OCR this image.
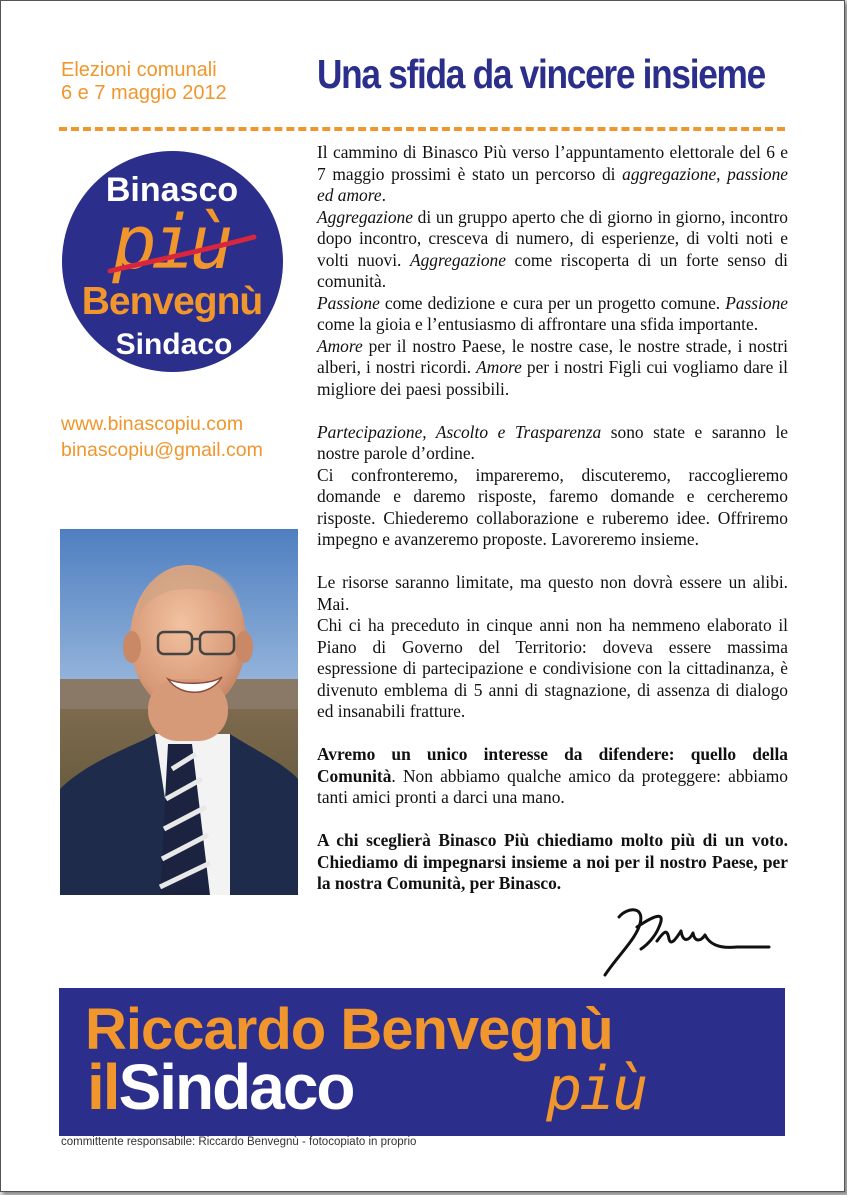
Elezioni comunali
6 e 7 maggio 2012 Una sfida da vincere insieme
Binasco
più
Benvegnù
Sindaco
www.binascopiu.com
binascopiu@gmail.com

Il cammino di Binasco Più verso l’appuntamento elettorale del 6 e 7 maggio prossimi è stato un percorso di aggregazione, passione ed amore.

Aggregazione di un gruppo aperto che di giorno in giorno, incontro dopo incontro, cresceva di numero, di esperienze, di volti noti e volti nuovi. Aggregazione come riscoperta di un forte senso di comunità.

Passione come dedizione e cura per un progetto comune. Passione come la gioia e l’entusiasmo di affrontare una sfida importante.

Amore per il nostro Paese, le nostre case, le nostre strade, i nostri alberi, i nostri ricordi. Amore per i nostri Figli cui vogliamo dare il migliore dei paesi possibili.

Partecipazione, Ascolto e Trasparenza sono state e saranno le nostre parole d’ordine.

Ci confronteremo, impareremo, discuteremo, raccoglieremo domande e daremo risposte, faremo domande e cercheremo risposte. Chiederemo collaborazione e ruberemo idee. Offriremo impegno e avanzeremo proposte. Lavoreremo insieme.

Le risorse saranno limitate, ma questo non dovrà essere un alibi. Mai.

Chi ci ha preceduto in cinque anni non ha nemmeno elaborato il Piano di Governo del Territorio: doveva essere massima espressione di partecipazione e condivisione con la cittadinanza, è divenuto emblema di 5 anni di stagnazione, di assenza di dialogo ed insanabili fratture.

Avremo un unico interesse da difendere: quello della Comunità. Non abbiamo qualche amico da proteggere: abbiamo tanti amici pronti a darci una mano.

A chi sceglierà Binasco Più chiediamo molto più di un voto. Chiediamo di impegnarsi insieme a noi per il nostro Paese, per la nostra Comunità, per Binasco.

Riccardo Benvegnù
ilSindaco	più
committente responsabile: Riccardo Benvegnù - fotocopiato in proprio
